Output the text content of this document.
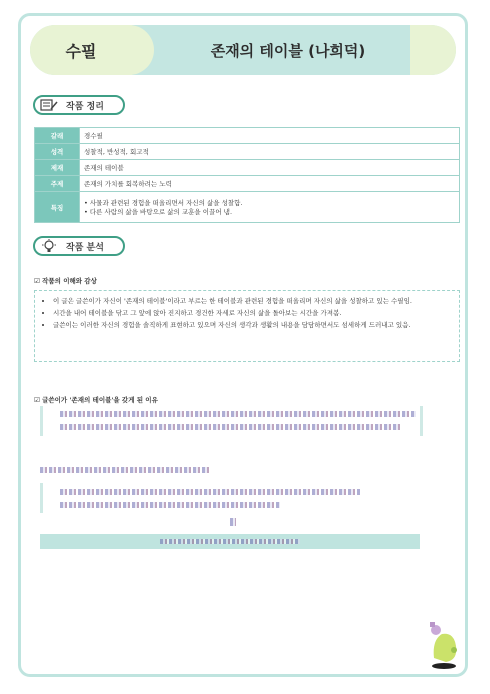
수필	존재의 테이블 (나희덕)
작품 정리
갈래	경수필
성격	성찰적, 반성적, 회고적
제재	존재의 테이블
주제	존재의 가치를 회복하려는 노력
특징	• 사물과 관련된 경험을 떠올리면서 자신의 삶을 성찰함.
• 다른 사람의 삶을 바탕으로 삶의 교훈을 이끌어 냄.
작품 분석
☑ 작품의 이해와 감상
• 이 글은 글쓴이가 자신이 '존재의 테이블'이라고 부르는 한 테이블과 관련된 경험을 떠올리며 자신의 삶을 성찰하고 있는 수필임.
• 시간을 내어 테이블을 닦고 그 앞에 앉아 진지하고 경건한 자세로 자신의 삶을 돌아보는 시간을 가져봄.
• 글쓴이는 이러한 자신의 경험을 솔직하게 표현하고 있으며 자신의 생각과 생활의 내용을 담담하면서도 섬세하게 드러내고 있음.
☑ 글쓴이가 '존재의 테이블'을 갖게 된 이유
